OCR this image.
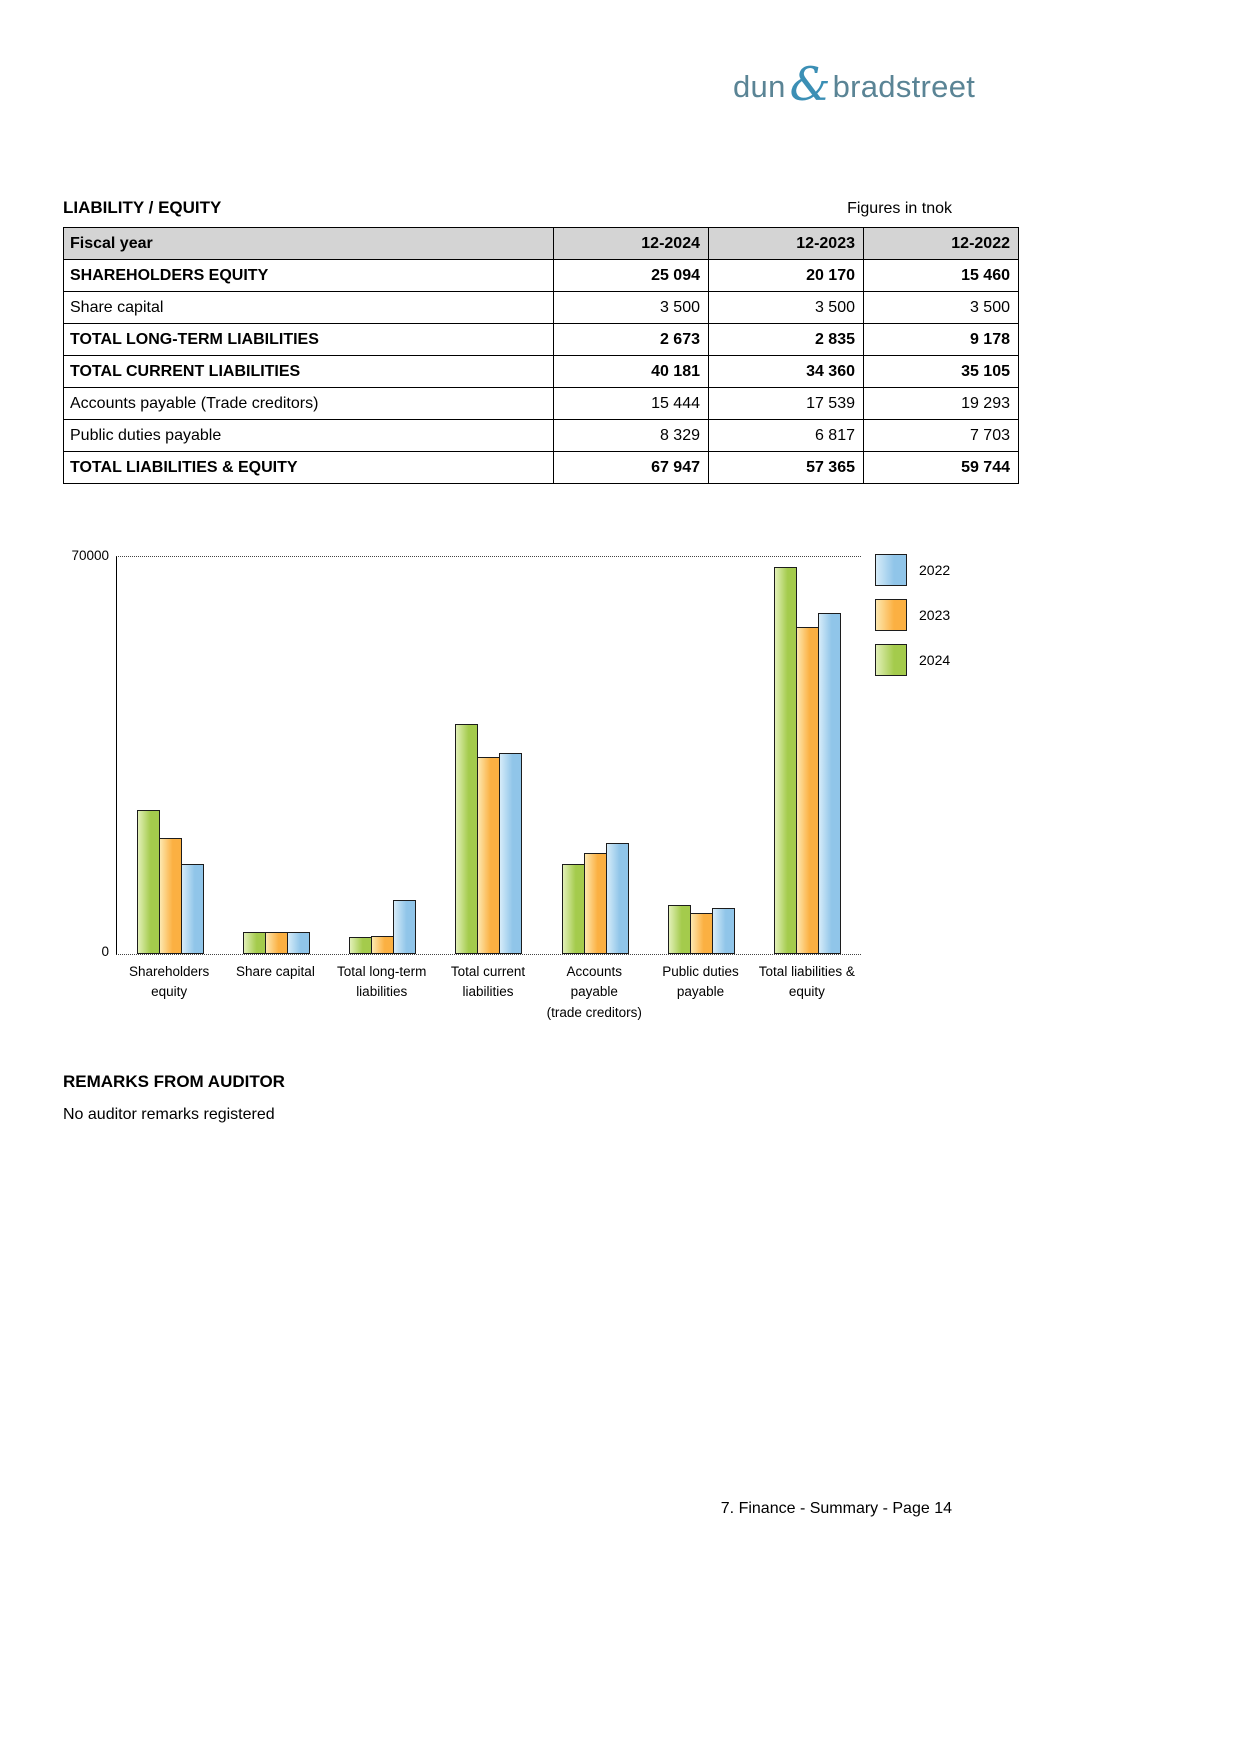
dun & bradstreet
LIABILITY / EQUITY	Figures in tnok
Fiscal year	12-2024	12-2023	12-2022
SHAREHOLDERS EQUITY	25 094	20 170	15 460
Share capital	3 500	3 500	3 500
TOTAL LONG-TERM LIABILITIES	2 673	2 835	9 178
TOTAL CURRENT LIABILITIES	40 181	34 360	35 105
Accounts payable (Trade creditors)	15 444	17 539	19 293
Public duties payable	8 329	6 817	7 703
TOTAL LIABILITIES & EQUITY	67 947	57 365	59 744
70000
0
Shareholders
equity
Share capital	Total long-term
liabilities
Total current
liabilities
Accounts payable
(trade creditors)
Public duties
payable
Total liabilities &
equity
2022
2023
2024
REMARKS FROM AUDITOR
No auditor remarks registered
7. Finance - Summary - Page 14
